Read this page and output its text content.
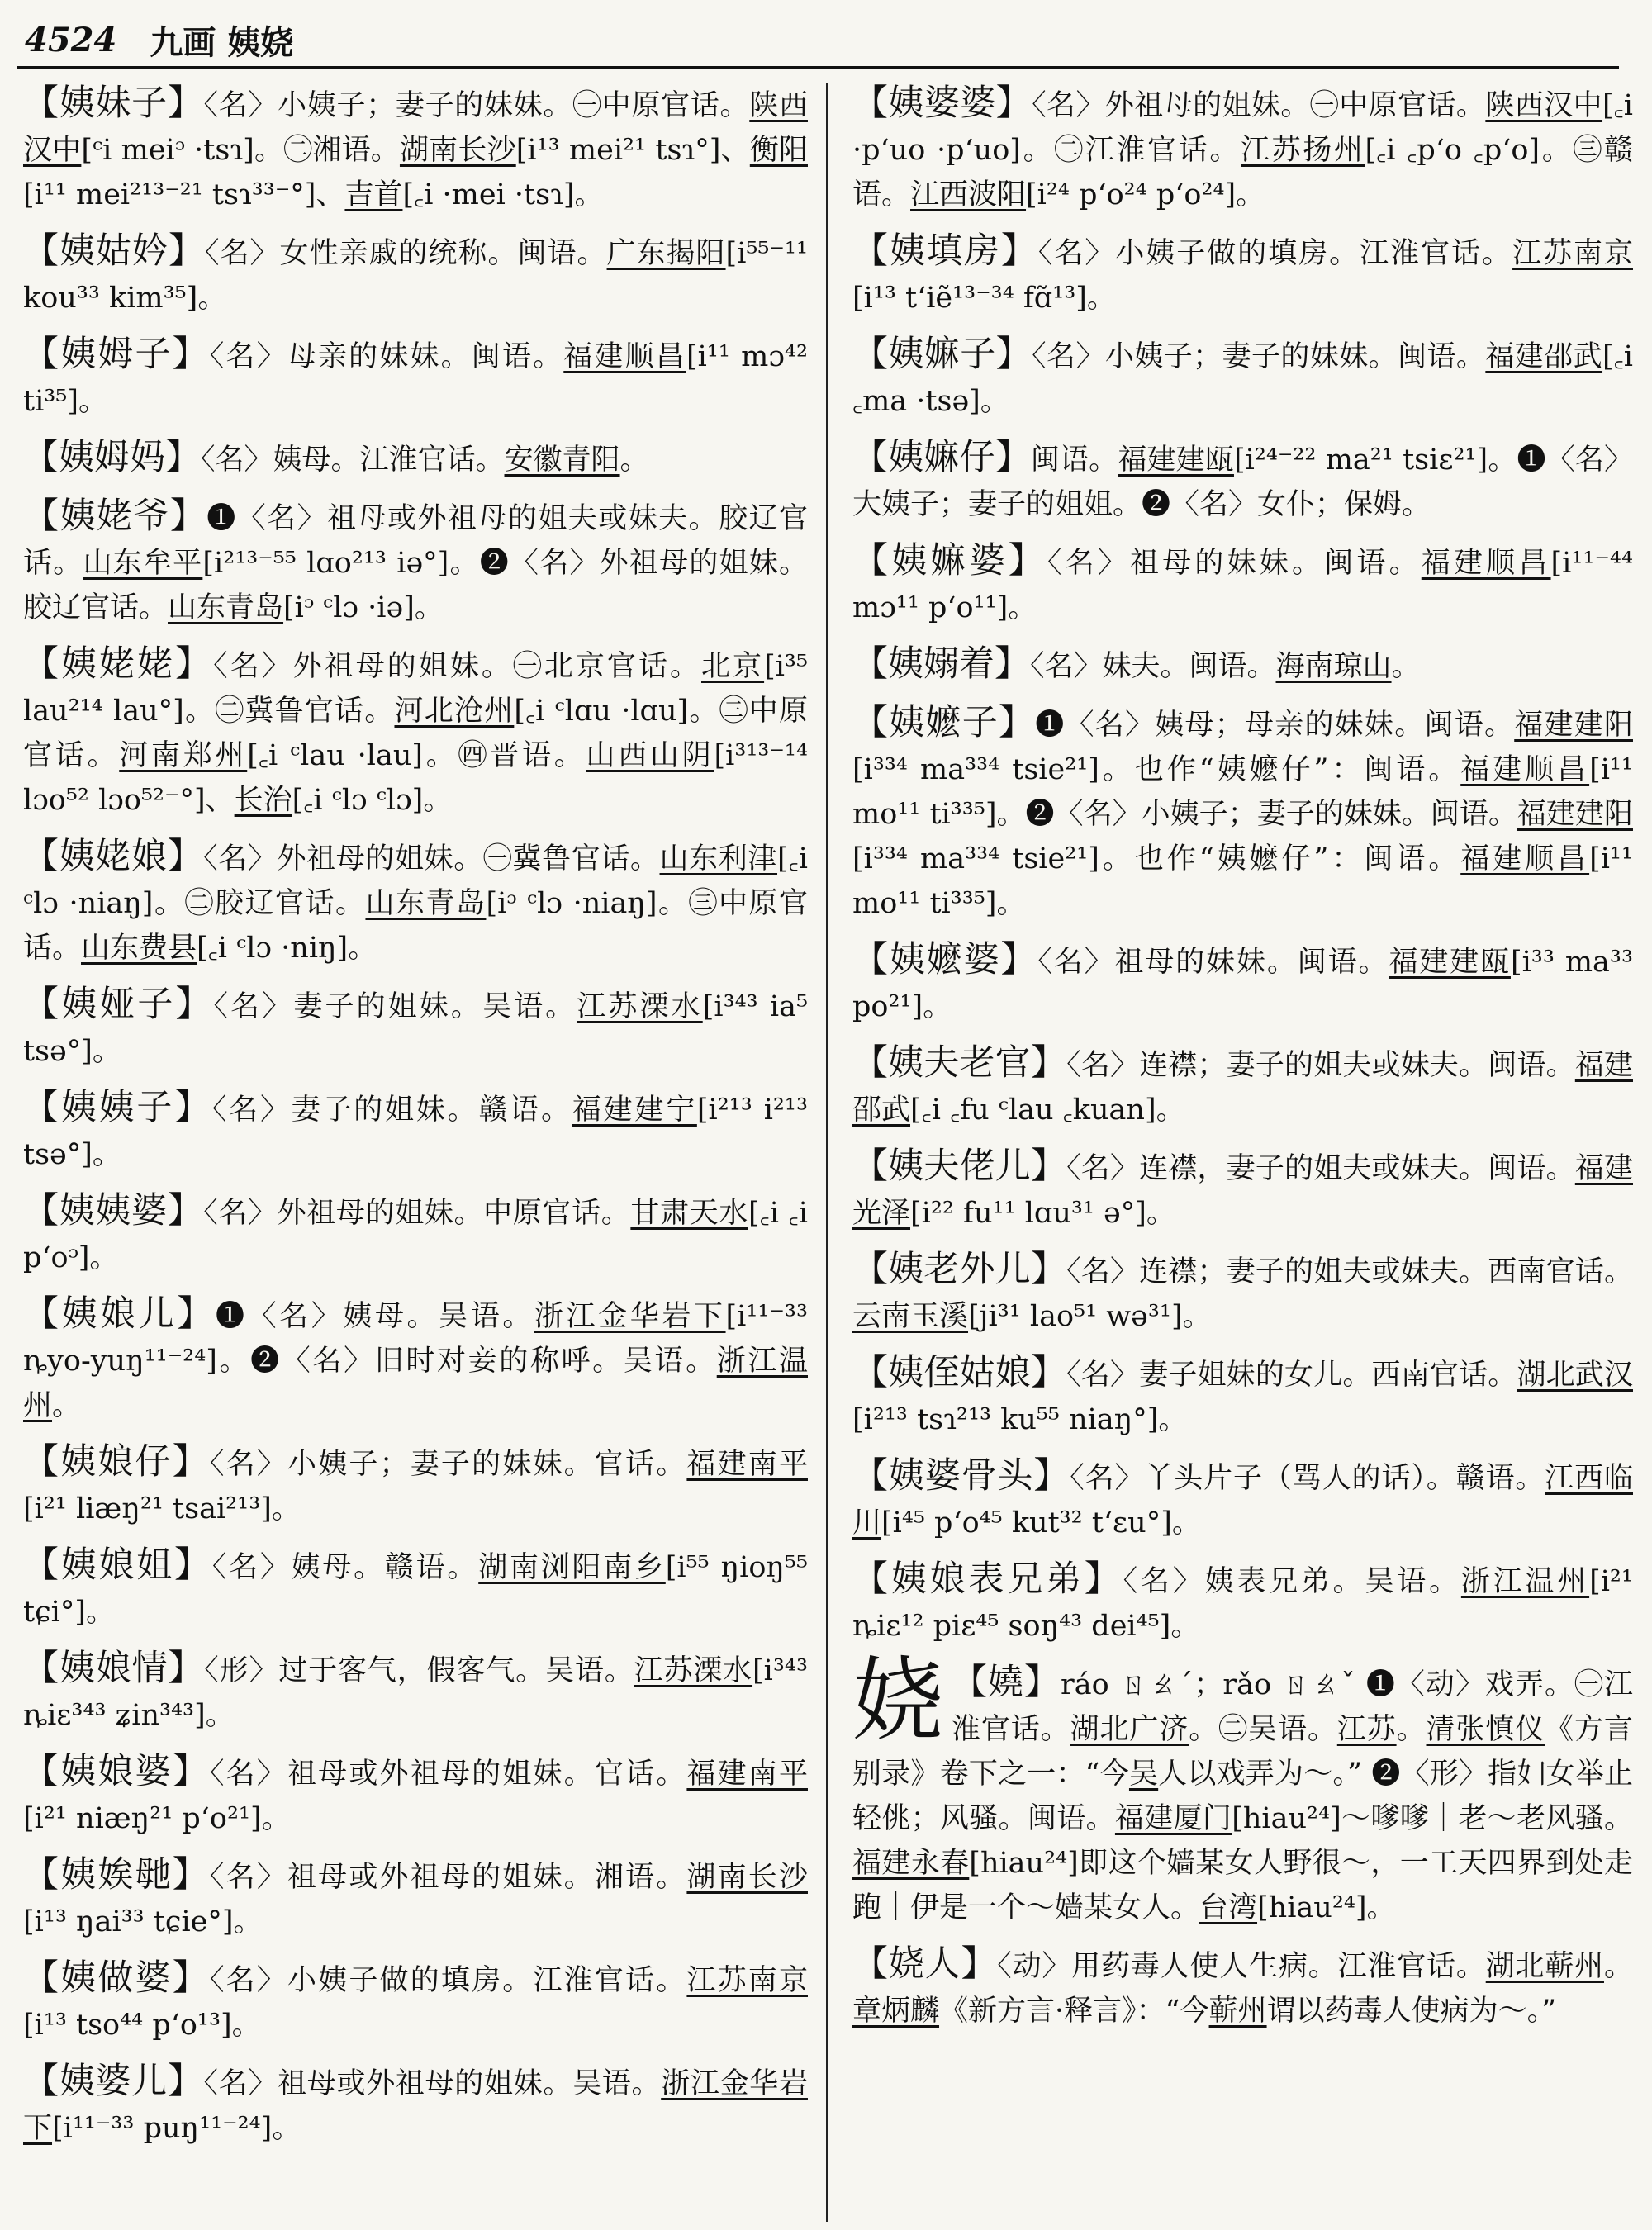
4524 九画 姨娆
【姨妹子】〈名〉小姨子；妻子的妹妹。㊀中原官话。陕西汉中[ᶜi meiᵓ ·tsɿ]。㊁湘语。湖南长沙[i¹³ mei²¹ tsɿ°]、衡阳[i¹¹ mei²¹³⁻²¹ tsɿ³³⁻°]、吉首[꜀i ·mei ·tsɿ]。
【姨姑妗】〈名〉女性亲戚的统称。闽语。广东揭阳[i⁵⁵⁻¹¹ kou³³ kim³⁵]。
【姨姆子】〈名〉母亲的妹妹。闽语。福建顺昌[i¹¹ mɔ⁴² ti³⁵]。
【姨姆妈】〈名〉姨母。江淮官话。安徽青阳。
【姨姥爷】❶〈名〉祖母或外祖母的姐夫或妹夫。胶辽官话。山东牟平[i²¹³⁻⁵⁵ lɑo²¹³ iə°]。❷〈名〉外祖母的姐妹。胶辽官话。山东青岛[iᵓ ᶜlɔ ·iə]。
【姨姥姥】〈名〉外祖母的姐妹。㊀北京官话。北京[i³⁵ lau²¹⁴ lau°]。㊁冀鲁官话。河北沧州[꜀i ᶜlɑu ·lɑu]。㊂中原官话。河南郑州[꜀i ᶜlau ·lau]。㊃晋语。山西山阴[i³¹³⁻¹⁴ lɔo⁵² lɔo⁵²⁻°]、长治[꜀i ᶜlɔ ᶜlɔ]。
【姨姥娘】〈名〉外祖母的姐妹。㊀冀鲁官话。山东利津[꜀i ᶜlɔ ·niaŋ]。㊁胶辽官话。山东青岛[iᵓ ᶜlɔ ·niaŋ]。㊂中原官话。山东费县[꜀i ᶜlɔ ·niŋ]。
【姨娅子】〈名〉妻子的姐妹。吴语。江苏溧水[i³⁴³ ia⁵ tsə°]。
【姨姨子】〈名〉妻子的姐妹。赣语。福建建宁[i²¹³ i²¹³ tsə°]。
【姨姨婆】〈名〉外祖母的姐妹。中原官话。甘肃天水[꜀i ꜀i p‘oᵓ]。
【姨娘儿】❶〈名〉姨母。吴语。浙江金华岩下[i¹¹⁻³³ ȵyo-yuŋ¹¹⁻²⁴]。❷〈名〉旧时对妾的称呼。吴语。浙江温州。
【姨娘仔】〈名〉小姨子；妻子的妹妹。官话。福建南平[i²¹ liæŋ²¹ tsai²¹³]。
【姨娘姐】〈名〉姨母。赣语。湖南浏阳南乡[i⁵⁵ ŋioŋ⁵⁵ tɕi°]。
【姨娘情】〈形〉过于客气，假客气。吴语。江苏溧水[i³⁴³ ȵiɛ³⁴³ ʑin³⁴³]。
【姨娘婆】〈名〉祖母或外祖母的姐妹。官话。福建南平[i²¹ niæŋ²¹ p‘o²¹]。
【姨娭毑】〈名〉祖母或外祖母的姐妹。湘语。湖南长沙[i¹³ ŋai³³ tɕie°]。
【姨做婆】〈名〉小姨子做的填房。江淮官话。江苏南京[i¹³ tso⁴⁴ p‘o¹³]。
【姨婆儿】〈名〉祖母或外祖母的姐妹。吴语。浙江金华岩下[i¹¹⁻³³ puŋ¹¹⁻²⁴]。
【姨婆婆】〈名〉外祖母的姐妹。㊀中原官话。陕西汉中[꜀i ·p‘uo ·p‘uo]。㊁江淮官话。江苏扬州[꜀i ꜀p‘o ꜀p‘o]。㊂赣语。江西波阳[i²⁴ p‘o²⁴ p‘o²⁴]。
【姨填房】〈名〉小姨子做的填房。江淮官话。江苏南京[i¹³ t‘iẽ¹³⁻³⁴ fɑ̃¹³]。
【姨嫲子】〈名〉小姨子；妻子的妹妹。闽语。福建邵武[꜀i ꜀ma ·tsə]。
【姨嫲仔】闽语。福建建瓯[i²⁴⁻²² ma²¹ tsiɛ²¹]。❶〈名〉大姨子；妻子的姐姐。❷〈名〉女仆；保姆。
【姨嫲婆】〈名〉祖母的妹妹。闽语。福建顺昌[i¹¹⁻⁴⁴ mɔ¹¹ p‘o¹¹]。
【姨嫋着】〈名〉妹夫。闽语。海南琼山。
【姨嬷子】❶〈名〉姨母；母亲的妹妹。闽语。福建建阳[i³³⁴ ma³³⁴ tsie²¹]。也作“姨嬷仔”：闽语。福建顺昌[i¹¹ mo¹¹ ti³³⁵]。❷〈名〉小姨子；妻子的妹妹。闽语。福建建阳[i³³⁴ ma³³⁴ tsie²¹]。也作“姨嬷仔”：闽语。福建顺昌[i¹¹ mo¹¹ ti³³⁵]。
【姨嬷婆】〈名〉祖母的妹妹。闽语。福建建瓯[i³³ ma³³ po²¹]。
【姨夫老官】〈名〉连襟；妻子的姐夫或妹夫。闽语。福建邵武[꜀i ꜀fu ᶜlau ꜀kuan]。
【姨夫佬儿】〈名〉连襟，妻子的姐夫或妹夫。闽语。福建光泽[i²² fu¹¹ lɑu³¹ ə°]。
【姨老外儿】〈名〉连襟；妻子的姐夫或妹夫。西南官话。云南玉溪[ji³¹ lao⁵¹ wə³¹]。
【姨侄姑娘】〈名〉妻子姐妹的女儿。西南官话。湖北武汉[i²¹³ tsɿ²¹³ ku⁵⁵ niaŋ°]。
【姨婆骨头】〈名〉丫头片子（骂人的话）。赣语。江西临川[i⁴⁵ p‘o⁴⁵ kut³² t‘ɛu°]。
【姨娘表兄弟】〈名〉姨表兄弟。吴语。浙江温州[i²¹ ȵiɛ¹² piɛ⁴⁵ soŋ⁴³ dei⁴⁵]。
娆 【嬈】ráo ㄖㄠˊ；rǎo ㄖㄠˇ ❶〈动〉戏弄。㊀江淮官话。湖北广济。㊁吴语。江苏。清张慎仪《方言别录》卷下之一：“今吴人以戏弄为～。” ❷〈形〉指妇女举止轻佻；风骚。闽语。福建厦门[hiau²⁴]～嗲嗲｜老～老风骚。福建永春[hiau²⁴]即这个嫱某女人野很～，一工天四界到处走跑｜伊是一个～嫱某女人。台湾[hiau²⁴]。
【娆人】〈动〉用药毒人使人生病。江淮官话。湖北蕲州。章炳麟《新方言·释言》：“今蕲州谓以药毒人使病为～。”
